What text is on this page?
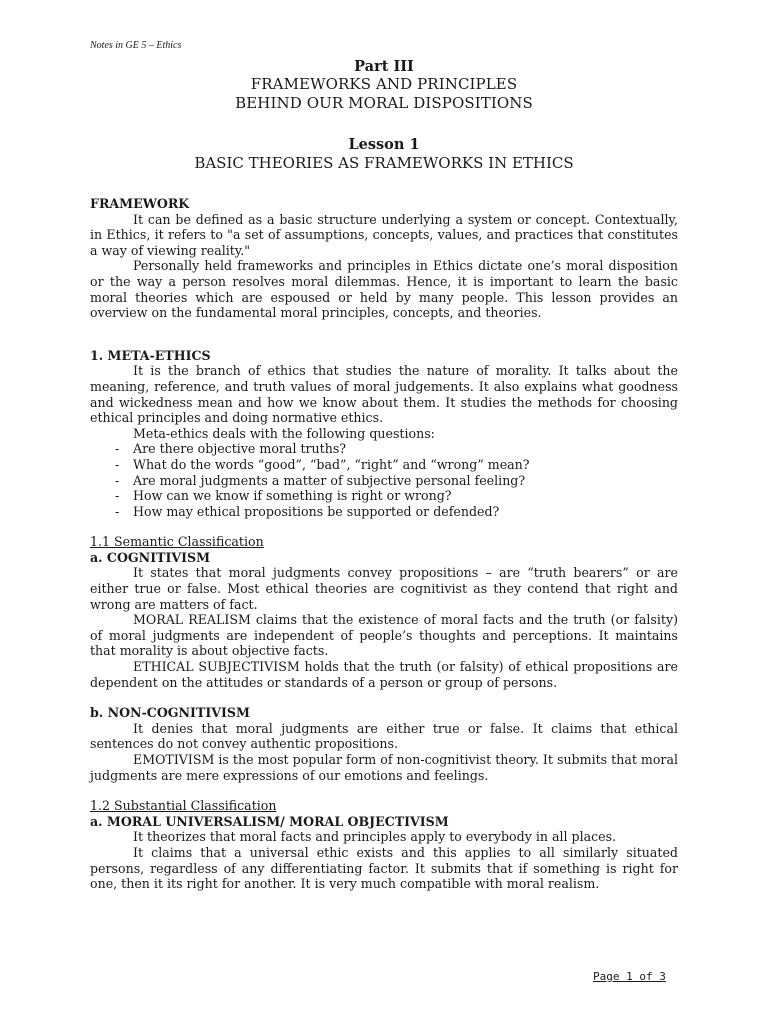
Notes in GE 5 – Ethics
Part III
FRAMEWORKS AND PRINCIPLES
BEHIND OUR MORAL DISPOSITIONS
Lesson 1
BASIC THEORIES AS FRAMEWORKS IN ETHICS
FRAMEWORK
It can be defined as a basic structure underlying a system or concept. Contextually, in Ethics, it refers to "a set of assumptions, concepts, values, and practices that constitutes a way of viewing reality."
Personally held frameworks and principles in Ethics dictate one’s moral disposition or the way a person resolves moral dilemmas. Hence, it is important to learn the basic moral theories which are espoused or held by many people. This lesson provides an overview on the fundamental moral principles, concepts, and theories.
1. META-ETHICS
It is the branch of ethics that studies the nature of morality. It talks about the meaning, reference, and truth values of moral judgements. It also explains what goodness and wickedness mean and how we know about them. It studies the methods for choosing ethical principles and doing normative ethics.
Meta-ethics deals with the following questions:
- Are there objective moral truths?
- What do the words “good”, “bad”, “right” and “wrong” mean?
- Are moral judgments a matter of subjective personal feeling?
- How can we know if something is right or wrong?
- How may ethical propositions be supported or defended?
1.1 Semantic Classification
a. COGNITIVISM
It states that moral judgments convey propositions – are “truth bearers” or are either true or false. Most ethical theories are cognitivist as they contend that right and wrong are matters of fact.
MORAL REALISM claims that the existence of moral facts and the truth (or falsity) of moral judgments are independent of people’s thoughts and perceptions. It maintains that morality is about objective facts.
ETHICAL SUBJECTIVISM holds that the truth (or falsity) of ethical propositions are dependent on the attitudes or standards of a person or group of persons.
b. NON-COGNITIVISM
It denies that moral judgments are either true or false. It claims that ethical sentences do not convey authentic propositions.
EMOTIVISM is the most popular form of non-cognitivist theory. It submits that moral judgments are mere expressions of our emotions and feelings.
1.2 Substantial Classification
a. MORAL UNIVERSALISM/ MORAL OBJECTIVISM
It theorizes that moral facts and principles apply to everybody in all places.
It claims that a universal ethic exists and this applies to all similarly situated persons, regardless of any differentiating factor. It submits that if something is right for one, then it its right for another. It is very much compatible with moral realism.
Page 1 of 3
